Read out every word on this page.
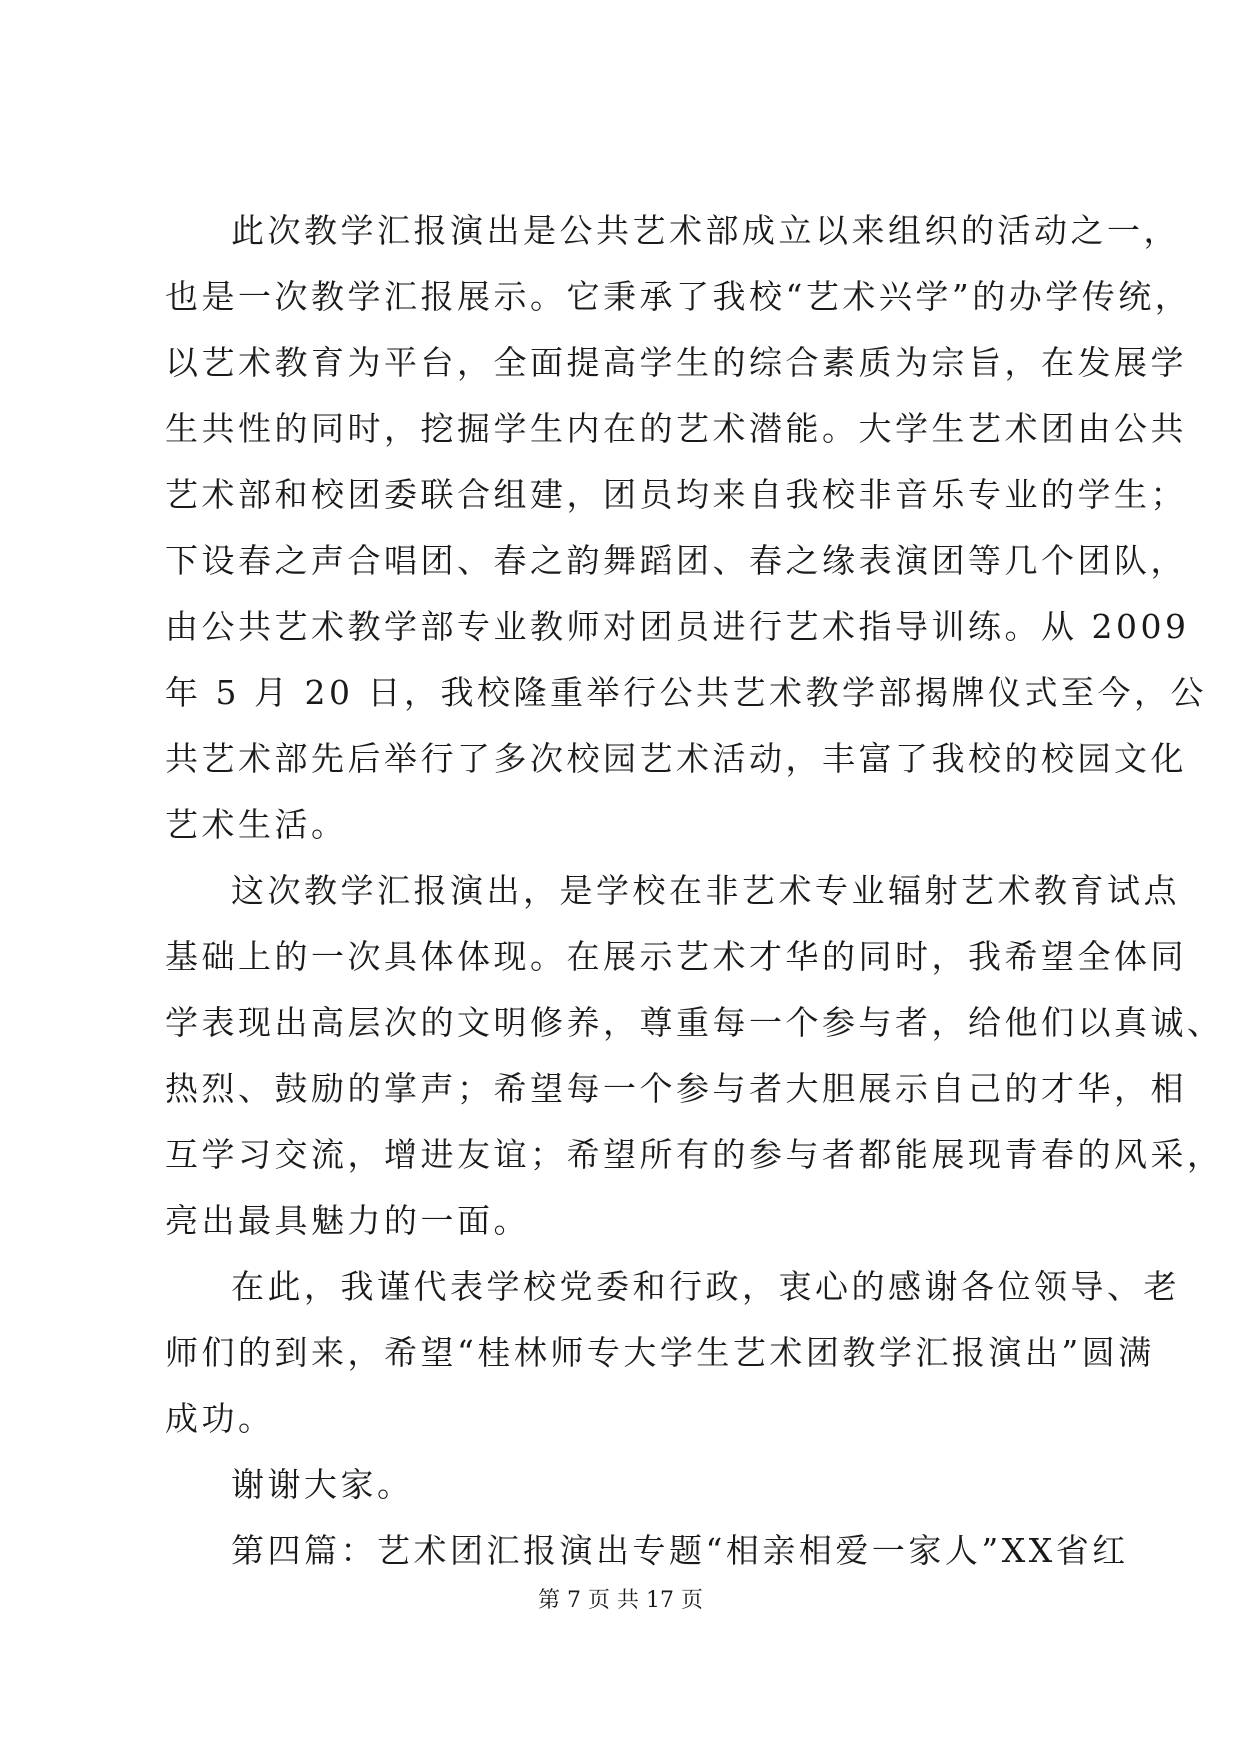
此次教学汇报演出是公共艺术部成立以来组织的活动之一，
也是一次教学汇报展示。它秉承了我校“艺术兴学”的办学传统，
以艺术教育为平台，全面提高学生的综合素质为宗旨，在发展学
生共性的同时，挖掘学生内在的艺术潜能。大学生艺术团由公共
艺术部和校团委联合组建，团员均来自我校非音乐专业的学生；
下设春之声合唱团、春之韵舞蹈团、春之缘表演团等几个团队，
由公共艺术教学部专业教师对团员进行艺术指导训练。从 2009
年 5 月 20 日，我校隆重举行公共艺术教学部揭牌仪式至今，公
共艺术部先后举行了多次校园艺术活动，丰富了我校的校园文化
艺术生活。
这次教学汇报演出，是学校在非艺术专业辐射艺术教育试点
基础上的一次具体体现。在展示艺术才华的同时，我希望全体同
学表现出高层次的文明修养，尊重每一个参与者，给他们以真诚、
热烈、鼓励的掌声；希望每一个参与者大胆展示自己的才华，相
互学习交流，增进友谊；希望所有的参与者都能展现青春的风采，
亮出最具魅力的一面。
在此，我谨代表学校党委和行政，衷心的感谢各位领导、老
师们的到来，希望“桂林师专大学生艺术团教学汇报演出”圆满
成功。
谢谢大家。
第四篇：艺术团汇报演出专题“相亲相爱一家人”XX省红
第 7 页 共 17 页
